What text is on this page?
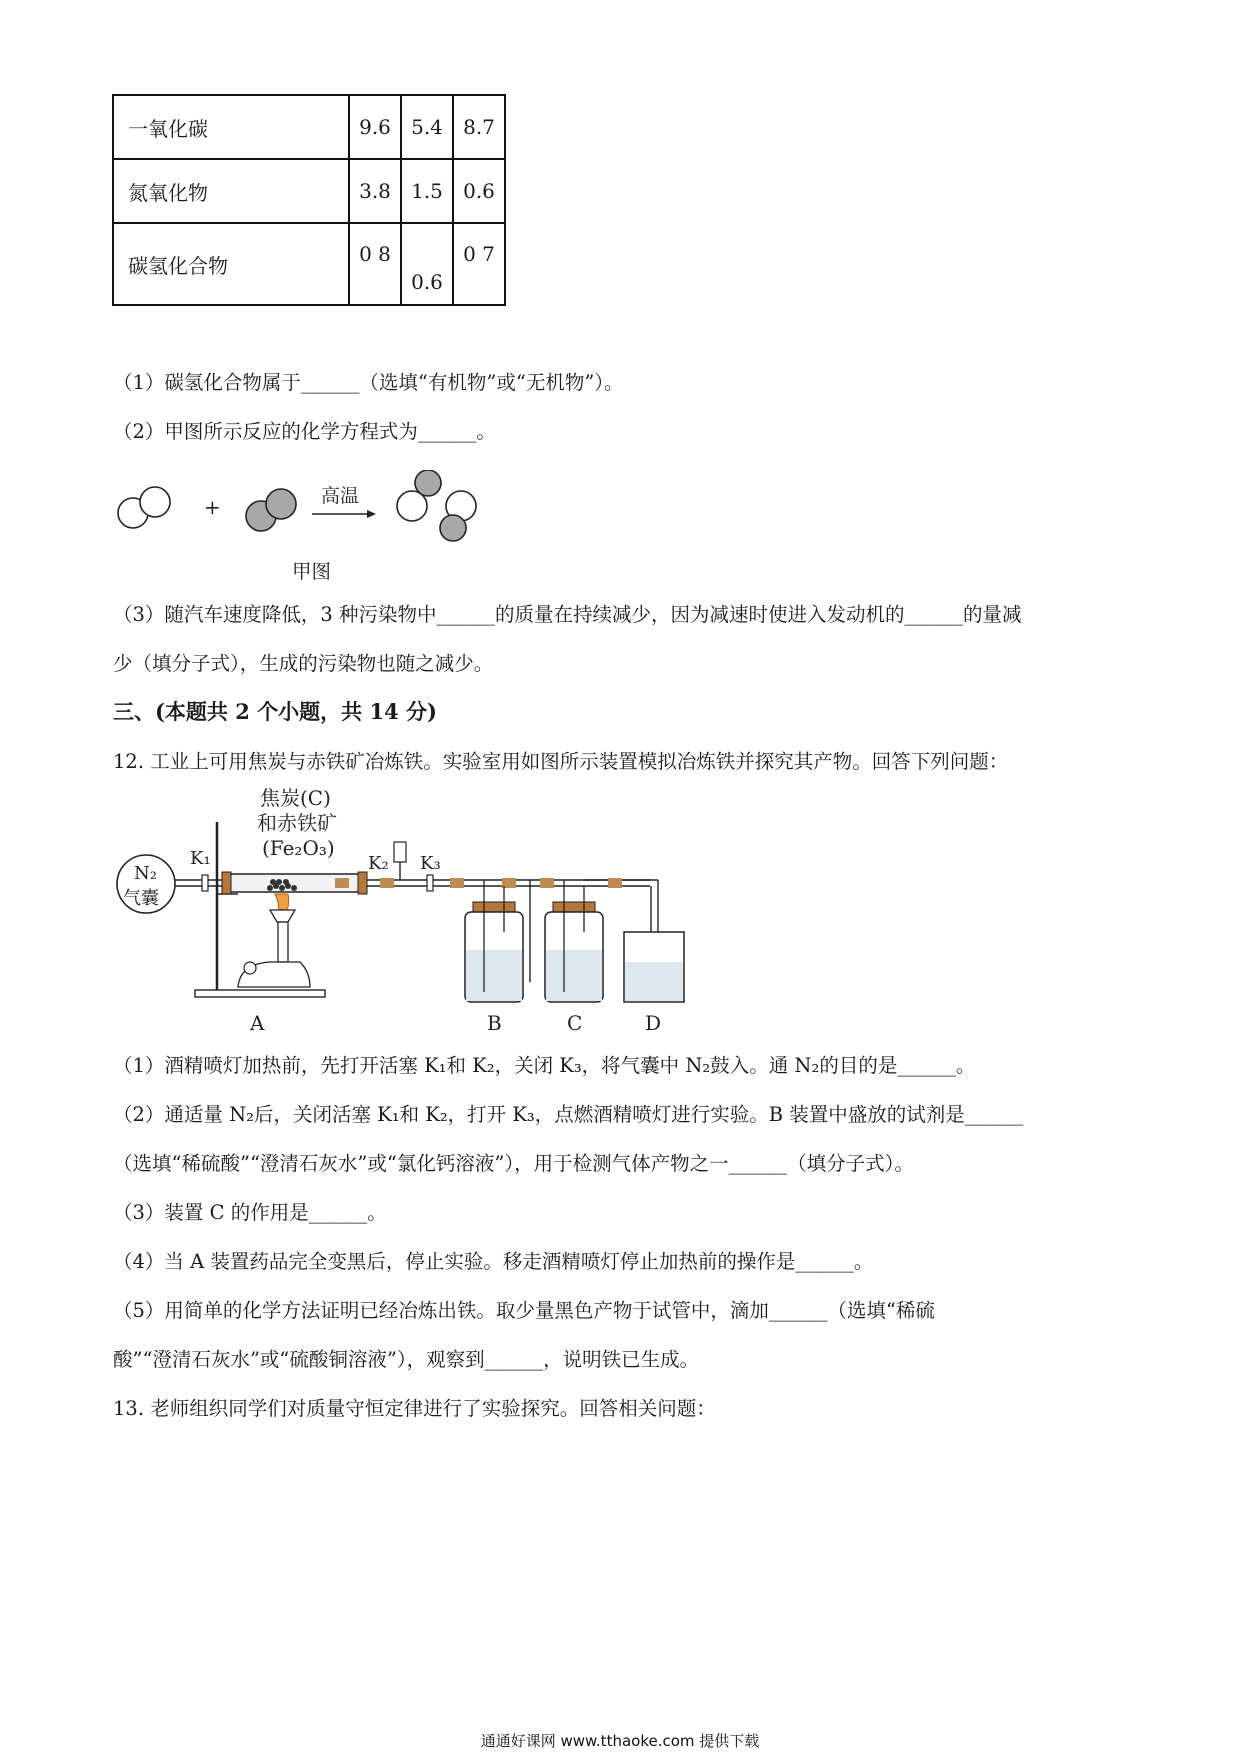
一氧化碳	9.6	5.4	8.7
氮氧化物	3.8	1.5	0.6
碳氢化合物	0 8	0.6	0 7
（1）碳氢化合物属于______（选填“有机物”或“无机物”）。
（2）甲图所示反应的化学方程式为______。
+	高温
甲图
（3）随汽车速度降低，3 种污染物中______的质量在持续减少，因为减速时使进入发动机的______的量减
少（填分子式），生成的污染物也随之减少。
三、(本题共 2 个小题，共 14 分)
12. 工业上可用焦炭与赤铁矿冶炼铁。实验室用如图所示装置模拟冶炼铁并探究其产物。回答下列问题：
焦炭(C)
和赤铁矿
(Fe₂O₃)
N₂
气囊
K₁	K₂ K₃
A	B	C	D
（1）酒精喷灯加热前，先打开活塞 K₁和 K₂，关闭 K₃，将气囊中 N₂鼓入。通 N₂的目的是______。
（2）通适量 N₂后，关闭活塞 K₁和 K₂，打开 K₃，点燃酒精喷灯进行实验。B 装置中盛放的试剂是______
（选填“稀硫酸”“澄清石灰水”或“氯化钙溶液”），用于检测气体产物之一______（填分子式）。
（3）装置 C 的作用是______。
（4）当 A 装置药品完全变黑后，停止实验。移走酒精喷灯停止加热前的操作是______。
（5）用简单的化学方法证明已经冶炼出铁。取少量黑色产物于试管中，滴加______（选填“稀硫
酸”“澄清石灰水”或“硫酸铜溶液”），观察到______，说明铁已生成。
13. 老师组织同学们对质量守恒定律进行了实验探究。回答相关问题：
通通好课网 www.tthaoke.com 提供下载
